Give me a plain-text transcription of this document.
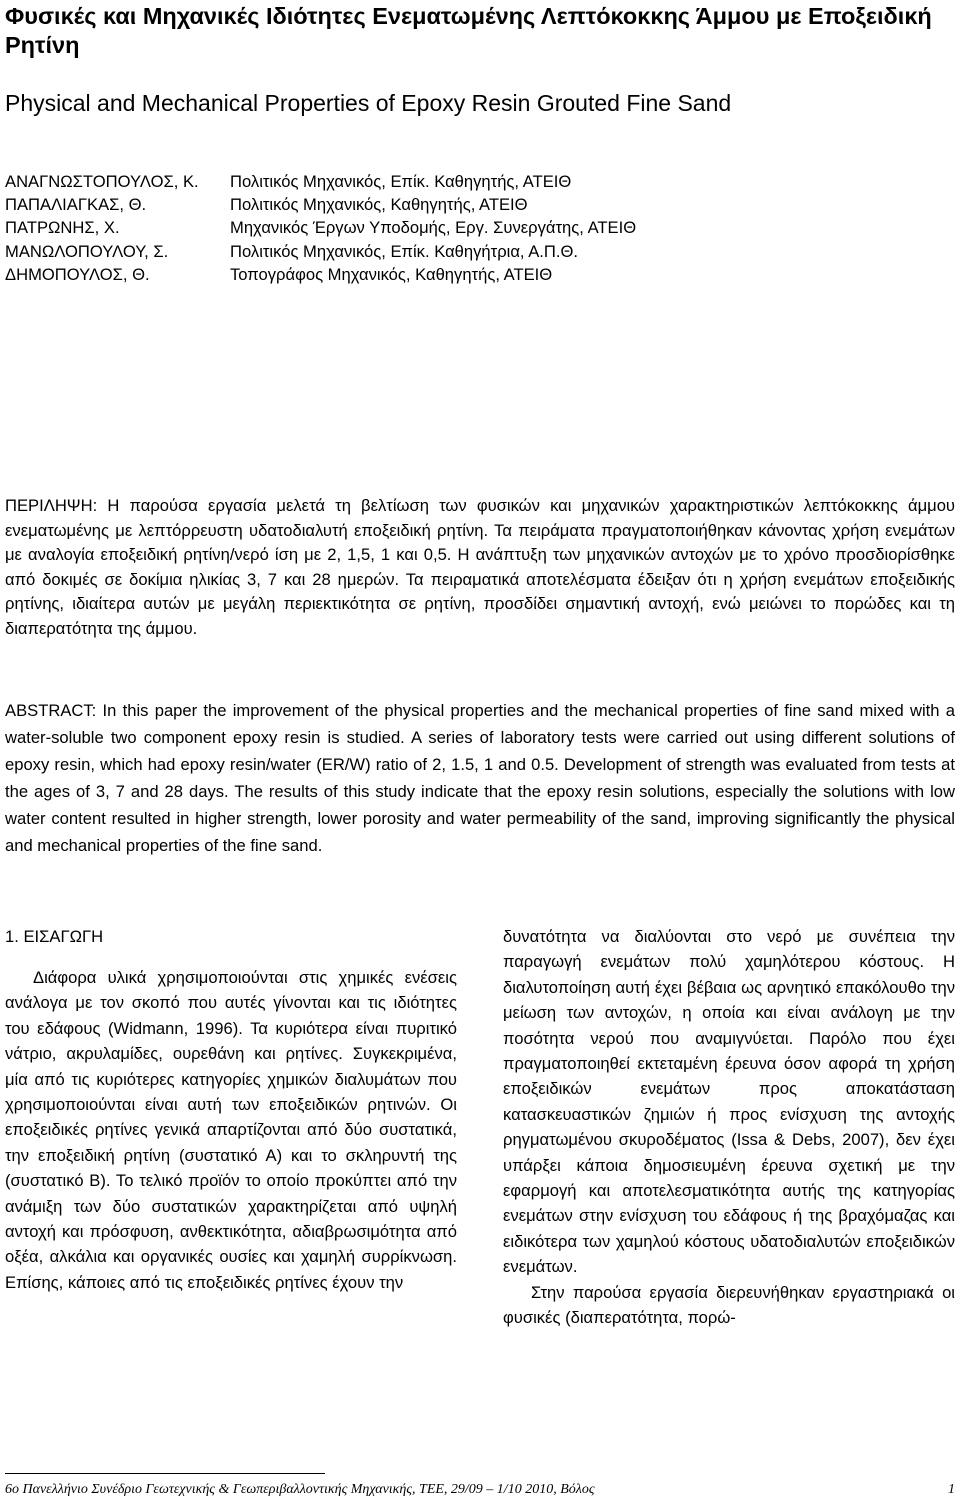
Φυσικές και Μηχανικές Ιδιότητες Ενεματωμένης Λεπτόκοκκης Άμμου με Εποξειδική Ρητίνη
Physical and Mechanical Properties of Epoxy Resin Grouted Fine Sand
ΑΝΑΓΝΩΣΤΟΠΟΥΛΟΣ, Κ.	Πολιτικός Μηχανικός, Επίκ. Καθηγητής, ΑΤΕΙΘ
ΠΑΠΑΛΙΑΓΚΑΣ, Θ.	Πολιτικός Μηχανικός, Καθηγητής, ΑΤΕΙΘ
ΠΑΤΡΩΝΗΣ, Χ.	Μηχανικός Έργων Υποδομής, Εργ. Συνεργάτης, ΑΤΕΙΘ
ΜΑΝΩΛΟΠΟΥΛΟΥ, Σ.	Πολιτικός Μηχανικός, Επίκ. Καθηγήτρια, Α.Π.Θ.
ΔΗΜΟΠΟΥΛΟΣ, Θ.	Τοπογράφος Μηχανικός, Καθηγητής, ΑΤΕΙΘ

ΠΕΡΙΛΗΨΗ: Η παρούσα εργασία μελετά τη βελτίωση των φυσικών και μηχανικών χαρακτηριστικών λεπτόκοκκης άμμου ενεματωμένης με λεπτόρρευστη υδατοδιαλυτή εποξειδική ρητίνη. Τα πειράματα πραγματοποιήθηκαν κάνοντας χρήση ενεμάτων με αναλογία εποξειδική ρητίνη/νερό ίση με 2, 1,5, 1 και 0,5. Η ανάπτυξη των μηχανικών αντοχών με το χρόνο προσδιορίσθηκε από δοκιμές σε δοκίμια ηλικίας 3, 7 και 28 ημερών. Τα πειραματικά αποτελέσματα έδειξαν ότι η χρήση ενεμάτων εποξειδικής ρητίνης, ιδιαίτερα αυτών με μεγάλη περιεκτικότητα σε ρητίνη, προσδίδει σημαντική αντοχή, ενώ μειώνει το πορώδες και τη διαπερατότητα της άμμου.

ABSTRACT: In this paper the improvement of the physical properties and the mechanical properties of fine sand mixed with a water-soluble two component epoxy resin is studied. A series of laboratory tests were carried out using different solutions of epoxy resin, which had epoxy resin/water (ER/W) ratio of 2, 1.5, 1 and 0.5. Development of strength was evaluated from tests at the ages of 3, 7 and 28 days. The results of this study indicate that the epoxy resin solutions, especially the solutions with low water content resulted in higher strength, lower porosity and water permeability of the sand, improving significantly the physical and mechanical properties of the fine sand.

1. ΕΙΣΑΓΩΓΗ

Διάφορα υλικά χρησιμοποιούνται στις χημικές ενέσεις ανάλογα με τον σκοπό που αυτές γίνονται και τις ιδιότητες του εδάφους (Widmann, 1996). Τα κυριότερα είναι πυριτικό νάτριο, ακρυλαμίδες, ουρεθάνη και ρητίνες. Συγκεκριμένα, μία από τις κυριότερες κατηγορίες χημικών διαλυμάτων που χρησιμοποιούνται είναι αυτή των εποξειδικών ρητινών. Οι εποξειδικές ρητίνες γενικά απαρτίζονται από δύο συστατικά, την εποξειδική ρητίνη (συστατικό Α) και το σκληρυντή της (συστατικό Β). Το τελικό προϊόν το οποίο προκύπτει από την ανάμιξη των δύο συστατικών χαρακτηρίζεται από υψηλή αντοχή και πρόσφυση, ανθεκτικότητα, αδιαβρωσιμότητα από οξέα, αλκάλια και οργανικές ουσίες και χαμηλή συρρίκνωση. Επίσης, κάποιες από τις εποξειδικές ρητίνες έχουν την

δυνατότητα να διαλύονται στο νερό με συνέπεια την παραγωγή ενεμάτων πολύ χαμηλότερου κόστους. Η διαλυτοποίηση αυτή έχει βέβαια ως αρνητικό επακόλουθο την μείωση των αντοχών, η οποία και είναι ανάλογη με την ποσότητα νερού που αναμιγνύεται. Παρόλο που έχει πραγματοποιηθεί εκτεταμένη έρευνα όσον αφορά τη χρήση εποξειδικών ενεμάτων προς αποκατάσταση κατασκευαστικών ζημιών ή προς ενίσχυση της αντοχής ρηγματωμένου σκυροδέματος (Issa & Debs, 2007), δεν έχει υπάρξει κάποια δημοσιευμένη έρευνα σχετική με την εφαρμογή και αποτελεσματικότητα αυτής της κατηγορίας ενεμάτων στην ενίσχυση του εδάφους ή της βραχόμαζας και ειδικότερα των χαμηλού κόστους υδατοδιαλυτών εποξειδικών ενεμάτων.

Στην παρούσα εργασία διερευνήθηκαν εργαστηριακά οι φυσικές (διαπερατότητα, πορώ-

6ο Πανελλήνιο Συνέδριο Γεωτεχνικής & Γεωπεριβαλλοντικής Μηχανικής, ΤΕΕ, 29/09 – 1/10 2010, Βόλος	1
